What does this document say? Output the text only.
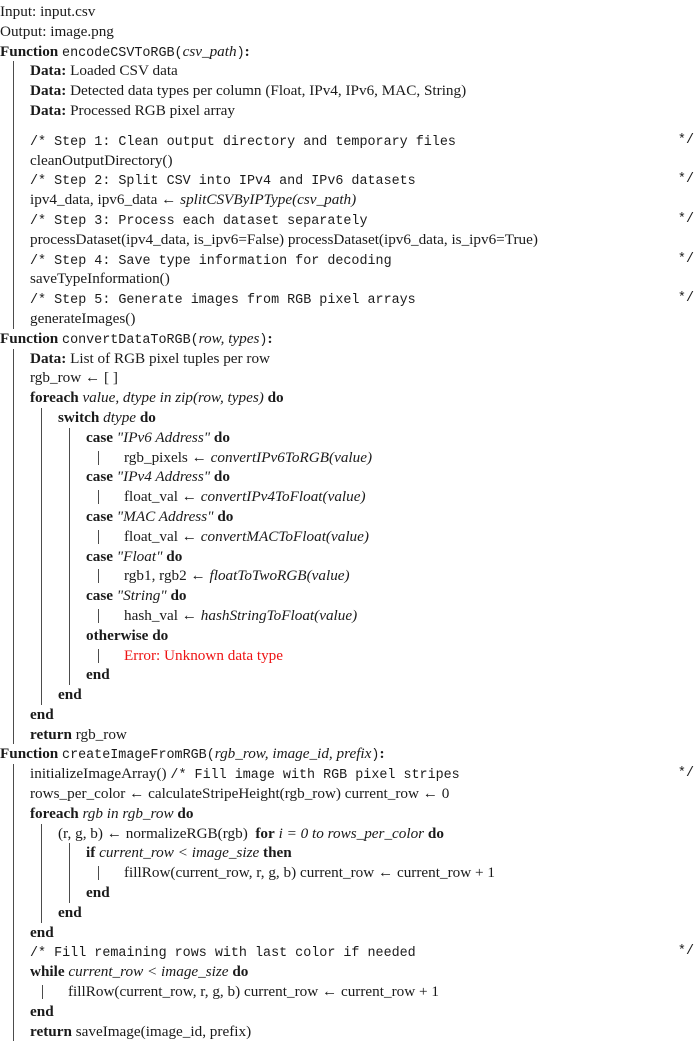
Input: input.csv
Output: image.png
Function encodeCSVToRGB(csv_path):
Data: Loaded CSV data
Data: Detected data types per column (Float, IPv4, IPv6, MAC, String)
Data: Processed RGB pixel array
/* Step 1: Clean output directory and temporary files	*/
cleanOutputDirectory()
/* Step 2: Split CSV into IPv4 and IPv6 datasets	*/
ipv4_data, ipv6_data ← splitCSVByIPType(csv_path)
/* Step 3: Process each dataset separately	*/
processDataset(ipv4_data, is_ipv6=False) processDataset(ipv6_data, is_ipv6=True)
/* Step 4: Save type information for decoding	*/
saveTypeInformation()
/* Step 5: Generate images from RGB pixel arrays	*/
generateImages()
Function convertDataToRGB(row, types):
Data: List of RGB pixel tuples per row
rgb_row ← [ ]
foreach value, dtype in zip(row, types) do
switch dtype do
case "IPv6 Address" do
rgb_pixels ← convertIPv6ToRGB(value)
case "IPv4 Address" do
float_val ← convertIPv4ToFloat(value)
case "MAC Address" do
float_val ← convertMACToFloat(value)
case "Float" do
rgb1, rgb2 ← floatToTwoRGB(value)
case "String" do
hash_val ← hashStringToFloat(value)
otherwise do
Error: Unknown data type
end
end
end
return rgb_row
Function createImageFromRGB(rgb_row, image_id, prefix):
initializeImageArray() /* Fill image with RGB pixel stripes	*/
rows_per_color ← calculateStripeHeight(rgb_row) current_row ← 0
foreach rgb in rgb_row do
(r, g, b) ← normalizeRGB(rgb) for i = 0 to rows_per_color do
if current_row < image_size then
fillRow(current_row, r, g, b) current_row ← current_row + 1
end
end
end
/* Fill remaining rows with last color if needed	*/
while current_row < image_size do
fillRow(current_row, r, g, b) current_row ← current_row + 1
end
return saveImage(image_id, prefix)
